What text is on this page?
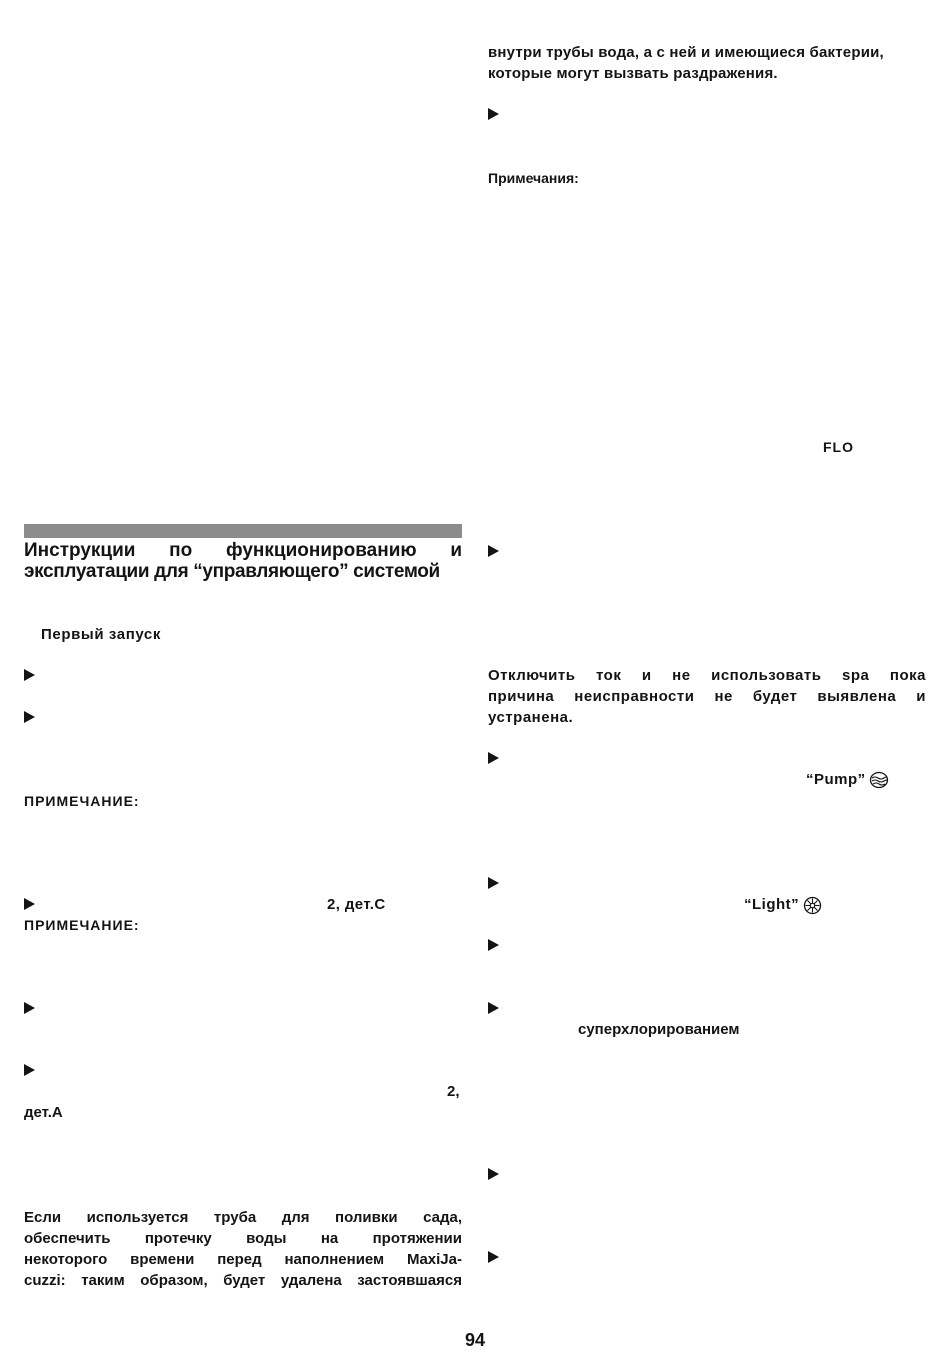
внутри трубы вода, а с ней и имеющиеся бактерии,
которые могут вызвать раздражения.
Примечания:
FLO
Инструкции по функционированию и
эксплуатации для “управляющего” системой
Первый запуск
ПРИМЕЧАНИЕ:
2, дет.С
ПРИМЕЧАНИЕ:
2,
дет.А
Если используется труба для поливки сада,
обеспечить протечку воды на протяжении
некоторого времени перед наполнением MaxiJa-
cuzzi: таким образом, будет удалена застоявшаяся
Отключить ток и не использовать spa пока
причина неисправности не будет выявлена и
устранена.
“Pump”
“Light”
суперхлорированием
94
